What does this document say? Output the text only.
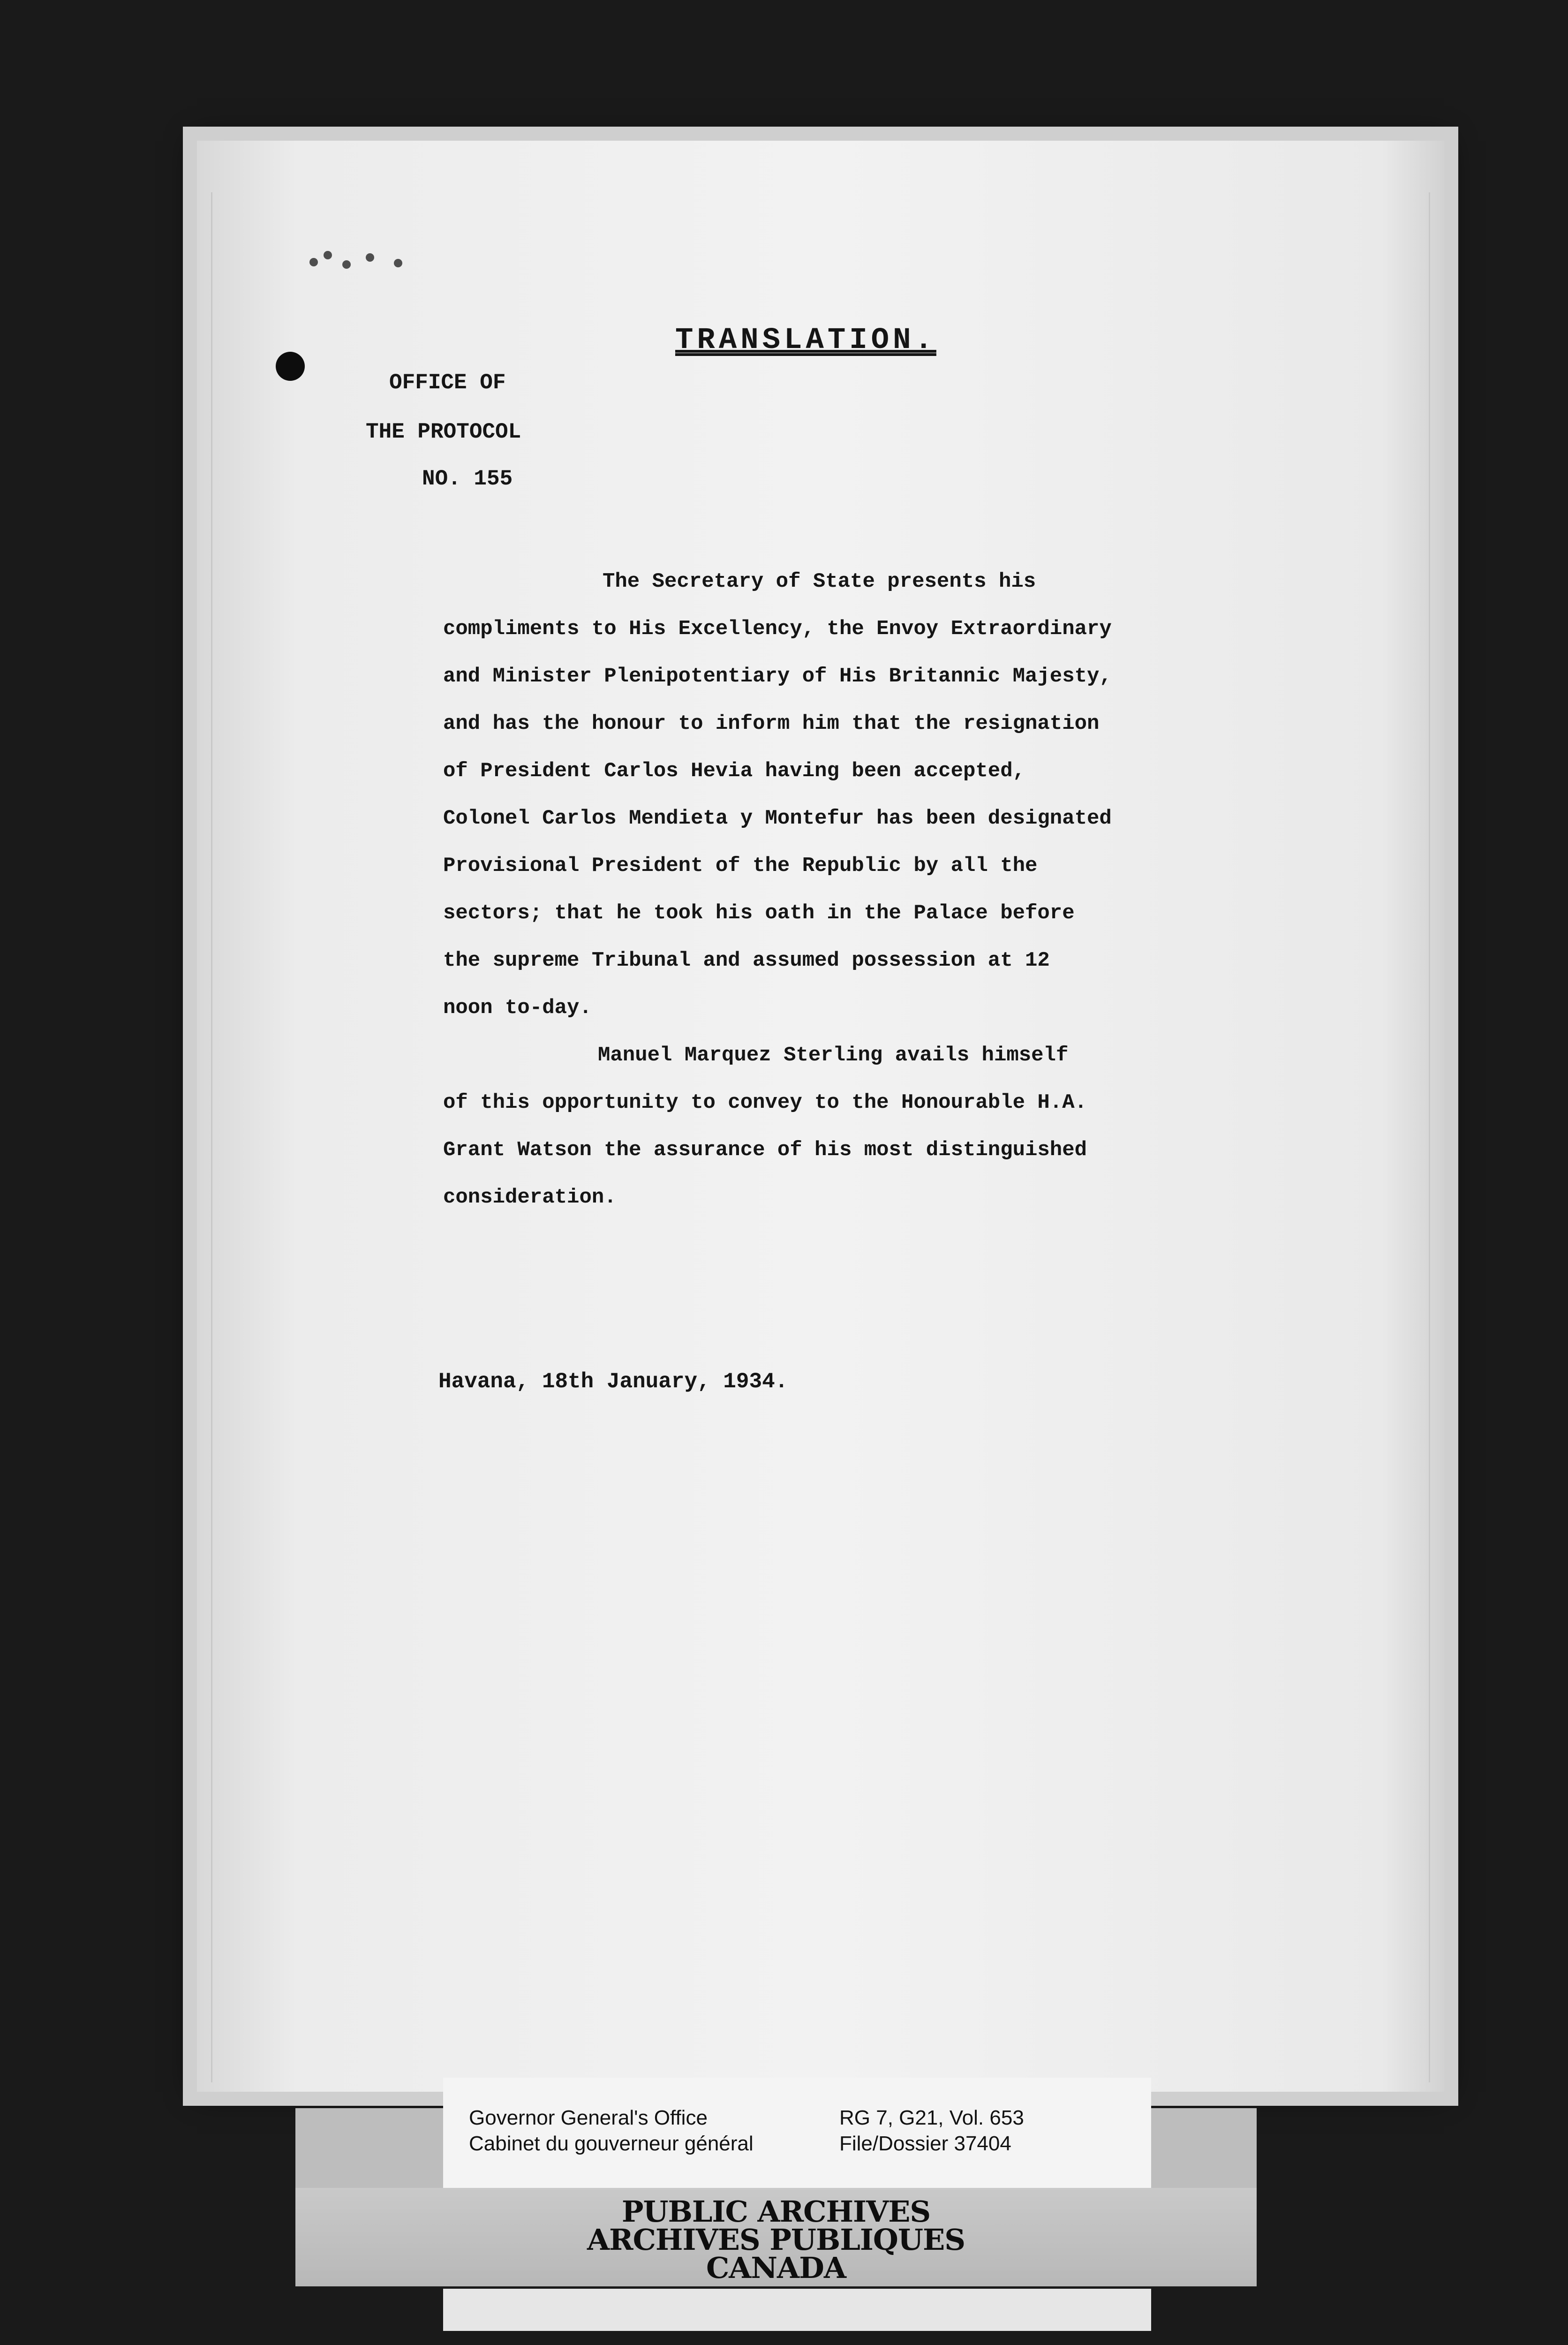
TRANSLATION.
OFFICE OF
THE PROTOCOL
NO. 155

The Secretary of State presents his

compliments to His Excellency, the Envoy Extraordinary

and Minister Plenipotentiary of His Britannic Majesty,

and has the honour to inform him that the resignation

of President Carlos Hevia having been accepted,

Colonel Carlos Mendieta y Montefur has been designated

Provisional President of the Republic by all the

sectors; that he took his oath in the Palace before

the supreme Tribunal and assumed possession at 12

noon to-day.

Manuel Marquez Sterling avails himself

of this opportunity to convey to the Honourable H.A.

Grant Watson the assurance of his most distinguished

consideration.

Havana, 18th January, 1934.
Governor General's Office
Cabinet du gouverneur général
RG 7, G21, Vol. 653
File/Dossier 37404
PUBLIC ARCHIVES
ARCHIVES PUBLIQUES
CANADA
